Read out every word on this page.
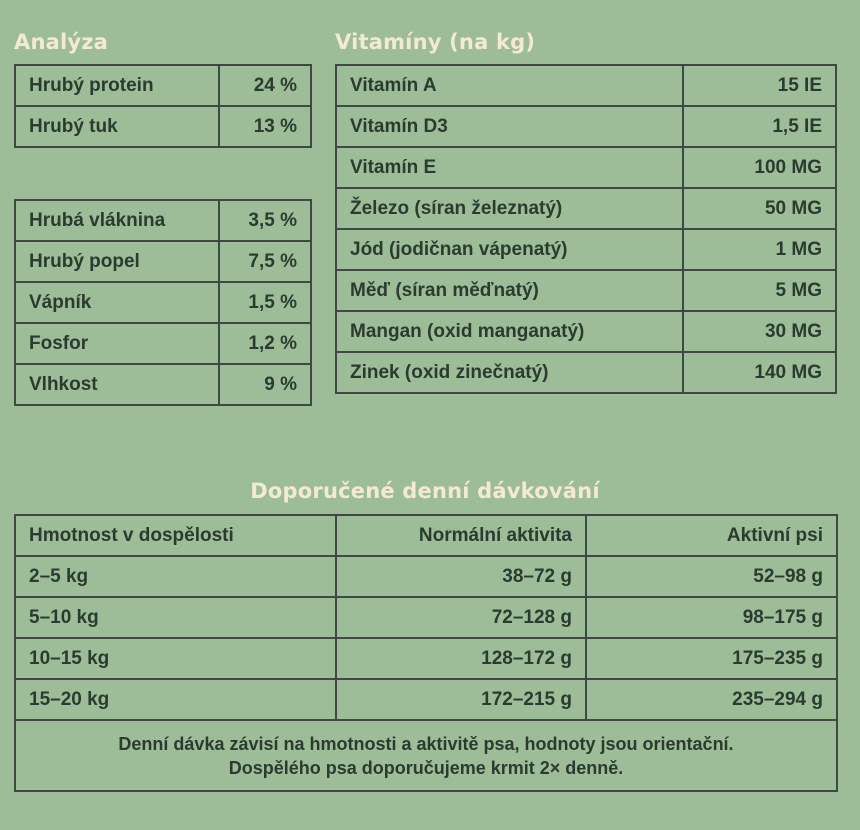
Analýza
Hrubý protein	24 %
Hrubý tuk	13 %
Hrubá vláknina	3,5 %
Hrubý popel	7,5 %
Vápník	1,5 %
Fosfor	1,2 %
Vlhkost	9 %
Vitamíny (na kg)
Vitamín A	15 IE
Vitamín D3	1,5 IE
Vitamín E	100 MG
Železo (síran železnatý)	50 MG
Jód (jodičnan vápenatý)	1 MG
Měď (síran měďnatý)	5 MG
Mangan (oxid manganatý)	30 MG
Zinek (oxid zinečnatý)	140 MG
Doporučené denní dávkování
Hmotnost v dospělosti	Normální aktivita	Aktivní psi
2–5 kg	38–72 g	52–98 g
5–10 kg	72–128 g	98–175 g
10–15 kg	128–172 g	175–235 g
15–20 kg	172–215 g	235–294 g

Denní dávka závisí na hmotnosti a aktivitě psa, hodnoty jsou orientační.
Dospělého psa doporučujeme krmit 2× denně.		
